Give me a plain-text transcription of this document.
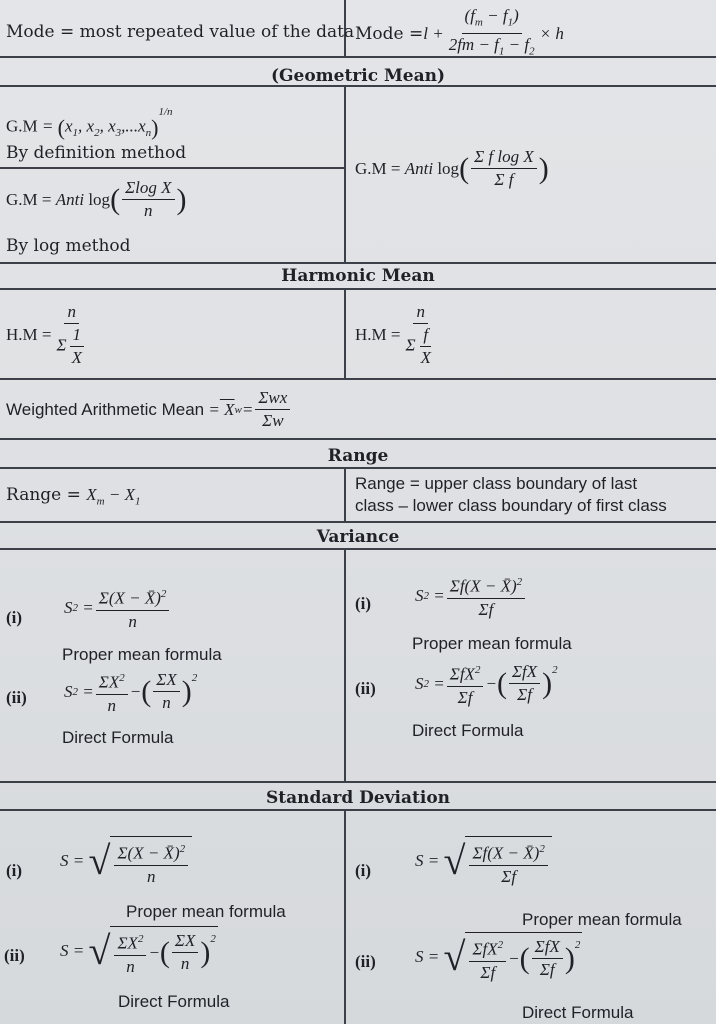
Mode = most repeated value of the data Mode = $l + \frac{(f_m - f_1)}{2fm - f_1 - f_2} \times h$
(Geometric Mean)
$G.M = (x_1$, $x_2$, $x_3,...x_n)^{1/n}$
By definition method
G.M = Anti log ( Σlog X
n )
By log method
G.M = Anti log ( Σ f log X
Σ f )
Harmonic Mean
$H.M = \frac{n}{\Sigma \frac{1}{X}}$	H.M =
n
Σ $\frac{f}{X}$
Weighted Arithmetic Mean = X w =
Σwx
Σw
Range
Range = $X_m - X_1$
Range = upper class boundary of last
class – lower class boundary of first class
Variance
(i)
S 2 = Σ(X − X̄)$^2$
n
Proper mean formula
(ii) S $2 = \Sigma X^2$
n
− ( ΣX
n )$^2$
Direct Formula
(i)	S 2 = Σf(X − X̄)$^2$
Σf
Proper mean formula
(ii) S 2 = ΣfX$^2$
Σf
− ( ΣfX
Σf )$^2$
Direct Formula
Standard Deviation
(i)
S = √ Σ(X − X̄)$^2$
n
Proper mean formula
(ii) S = √ $\Sigma X^2$
n
− ( ΣX
n )$^2$
Direct Formula
(i)
S = √ Σf(X − X̄)$^2$
Σf
Proper mean formula
(ii) S = √ ΣfX$^2$
Σf
− ( ΣfX
Σf )$^2$
Direct Formula
